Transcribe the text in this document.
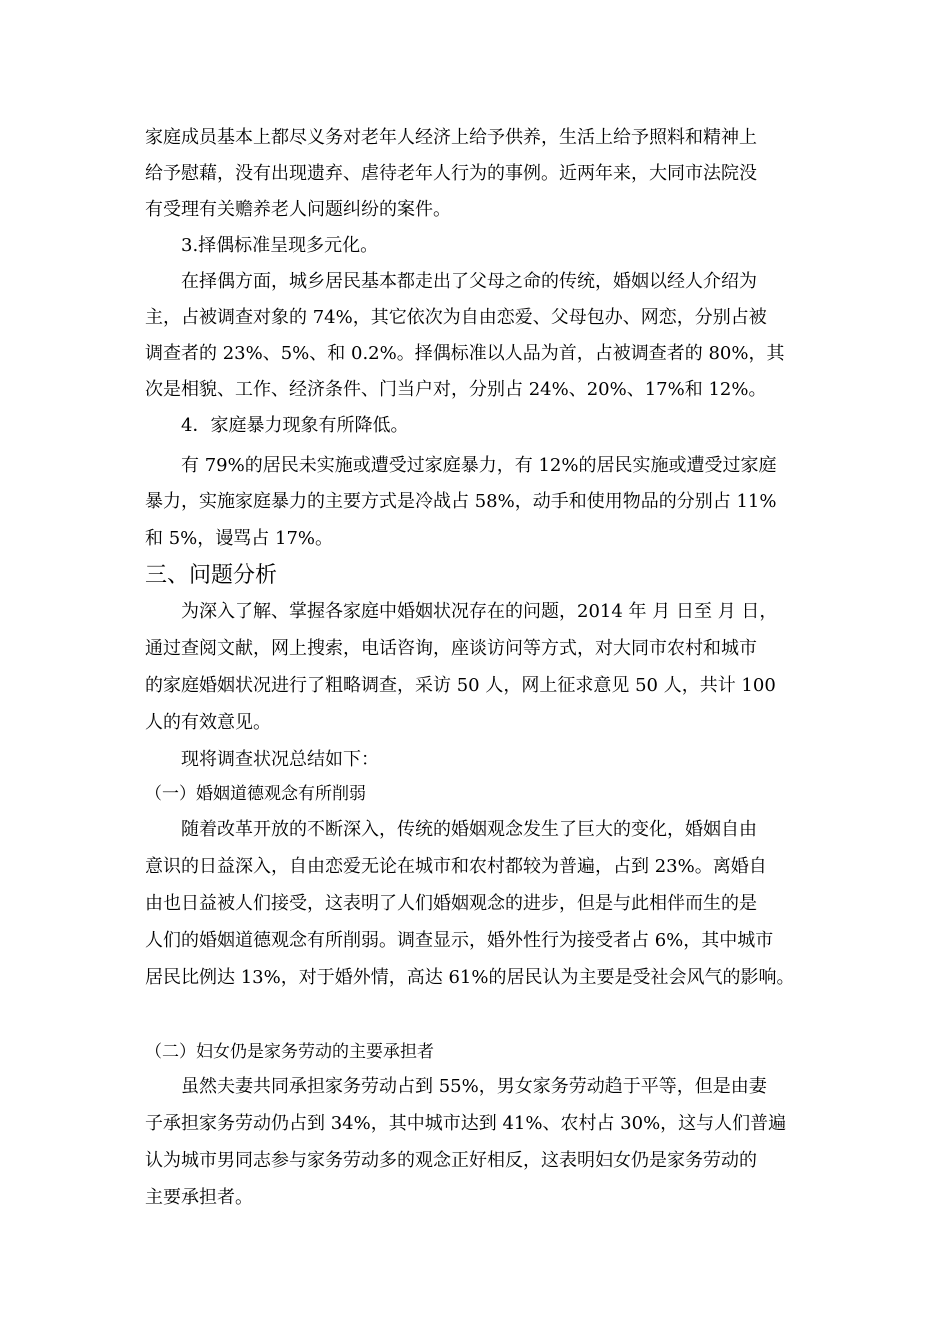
家庭成员基本上都尽义务对老年人经济上给予供养，生活上给予照料和精神上
给予慰藉，没有出现遗弃、虐待老年人行为的事例。近两年来，大同市法院没
有受理有关赡养老人问题纠纷的案件。
3.择偶标准呈现多元化。
在择偶方面，城乡居民基本都走出了父母之命的传统，婚姻以经人介绍为
主，占被调查对象的 74%，其它依次为自由恋爱、父母包办、网恋，分别占被
调查者的 23%、5%、和 0.2%。择偶标准以人品为首，占被调查者的 80%，其
次是相貌、工作、经济条件、门当户对，分别占 24%、20%、17%和 12%。
4．家庭暴力现象有所降低。
有 79%的居民未实施或遭受过家庭暴力，有 12%的居民实施或遭受过家庭
暴力，实施家庭暴力的主要方式是冷战占 58%，动手和使用物品的分别占 11%
和 5%，谩骂占 17%。
三、问题分析
为深入了解、掌握各家庭中婚姻状况存在的问题，2014 年 月 日至 月 日，
通过查阅文献，网上搜索，电话咨询，座谈访问等方式，对大同市农村和城市
的家庭婚姻状况进行了粗略调查，采访 50 人，网上征求意见 50 人，共计 100
人的有效意见。
现将调查状况总结如下：
（一）婚姻道德观念有所削弱
随着改革开放的不断深入，传统的婚姻观念发生了巨大的变化，婚姻自由
意识的日益深入，自由恋爱无论在城市和农村都较为普遍，占到 23%。离婚自
由也日益被人们接受，这表明了人们婚姻观念的进步，但是与此相伴而生的是
人们的婚姻道德观念有所削弱。调查显示，婚外性行为接受者占 6%，其中城市
居民比例达 13%，对于婚外情，高达 61%的居民认为主要是受社会风气的影响。
（二）妇女仍是家务劳动的主要承担者
虽然夫妻共同承担家务劳动占到 55%，男女家务劳动趋于平等，但是由妻
子承担家务劳动仍占到 34%，其中城市达到 41%、农村占 30%，这与人们普遍
认为城市男同志参与家务劳动多的观念正好相反，这表明妇女仍是家务劳动的
主要承担者。
